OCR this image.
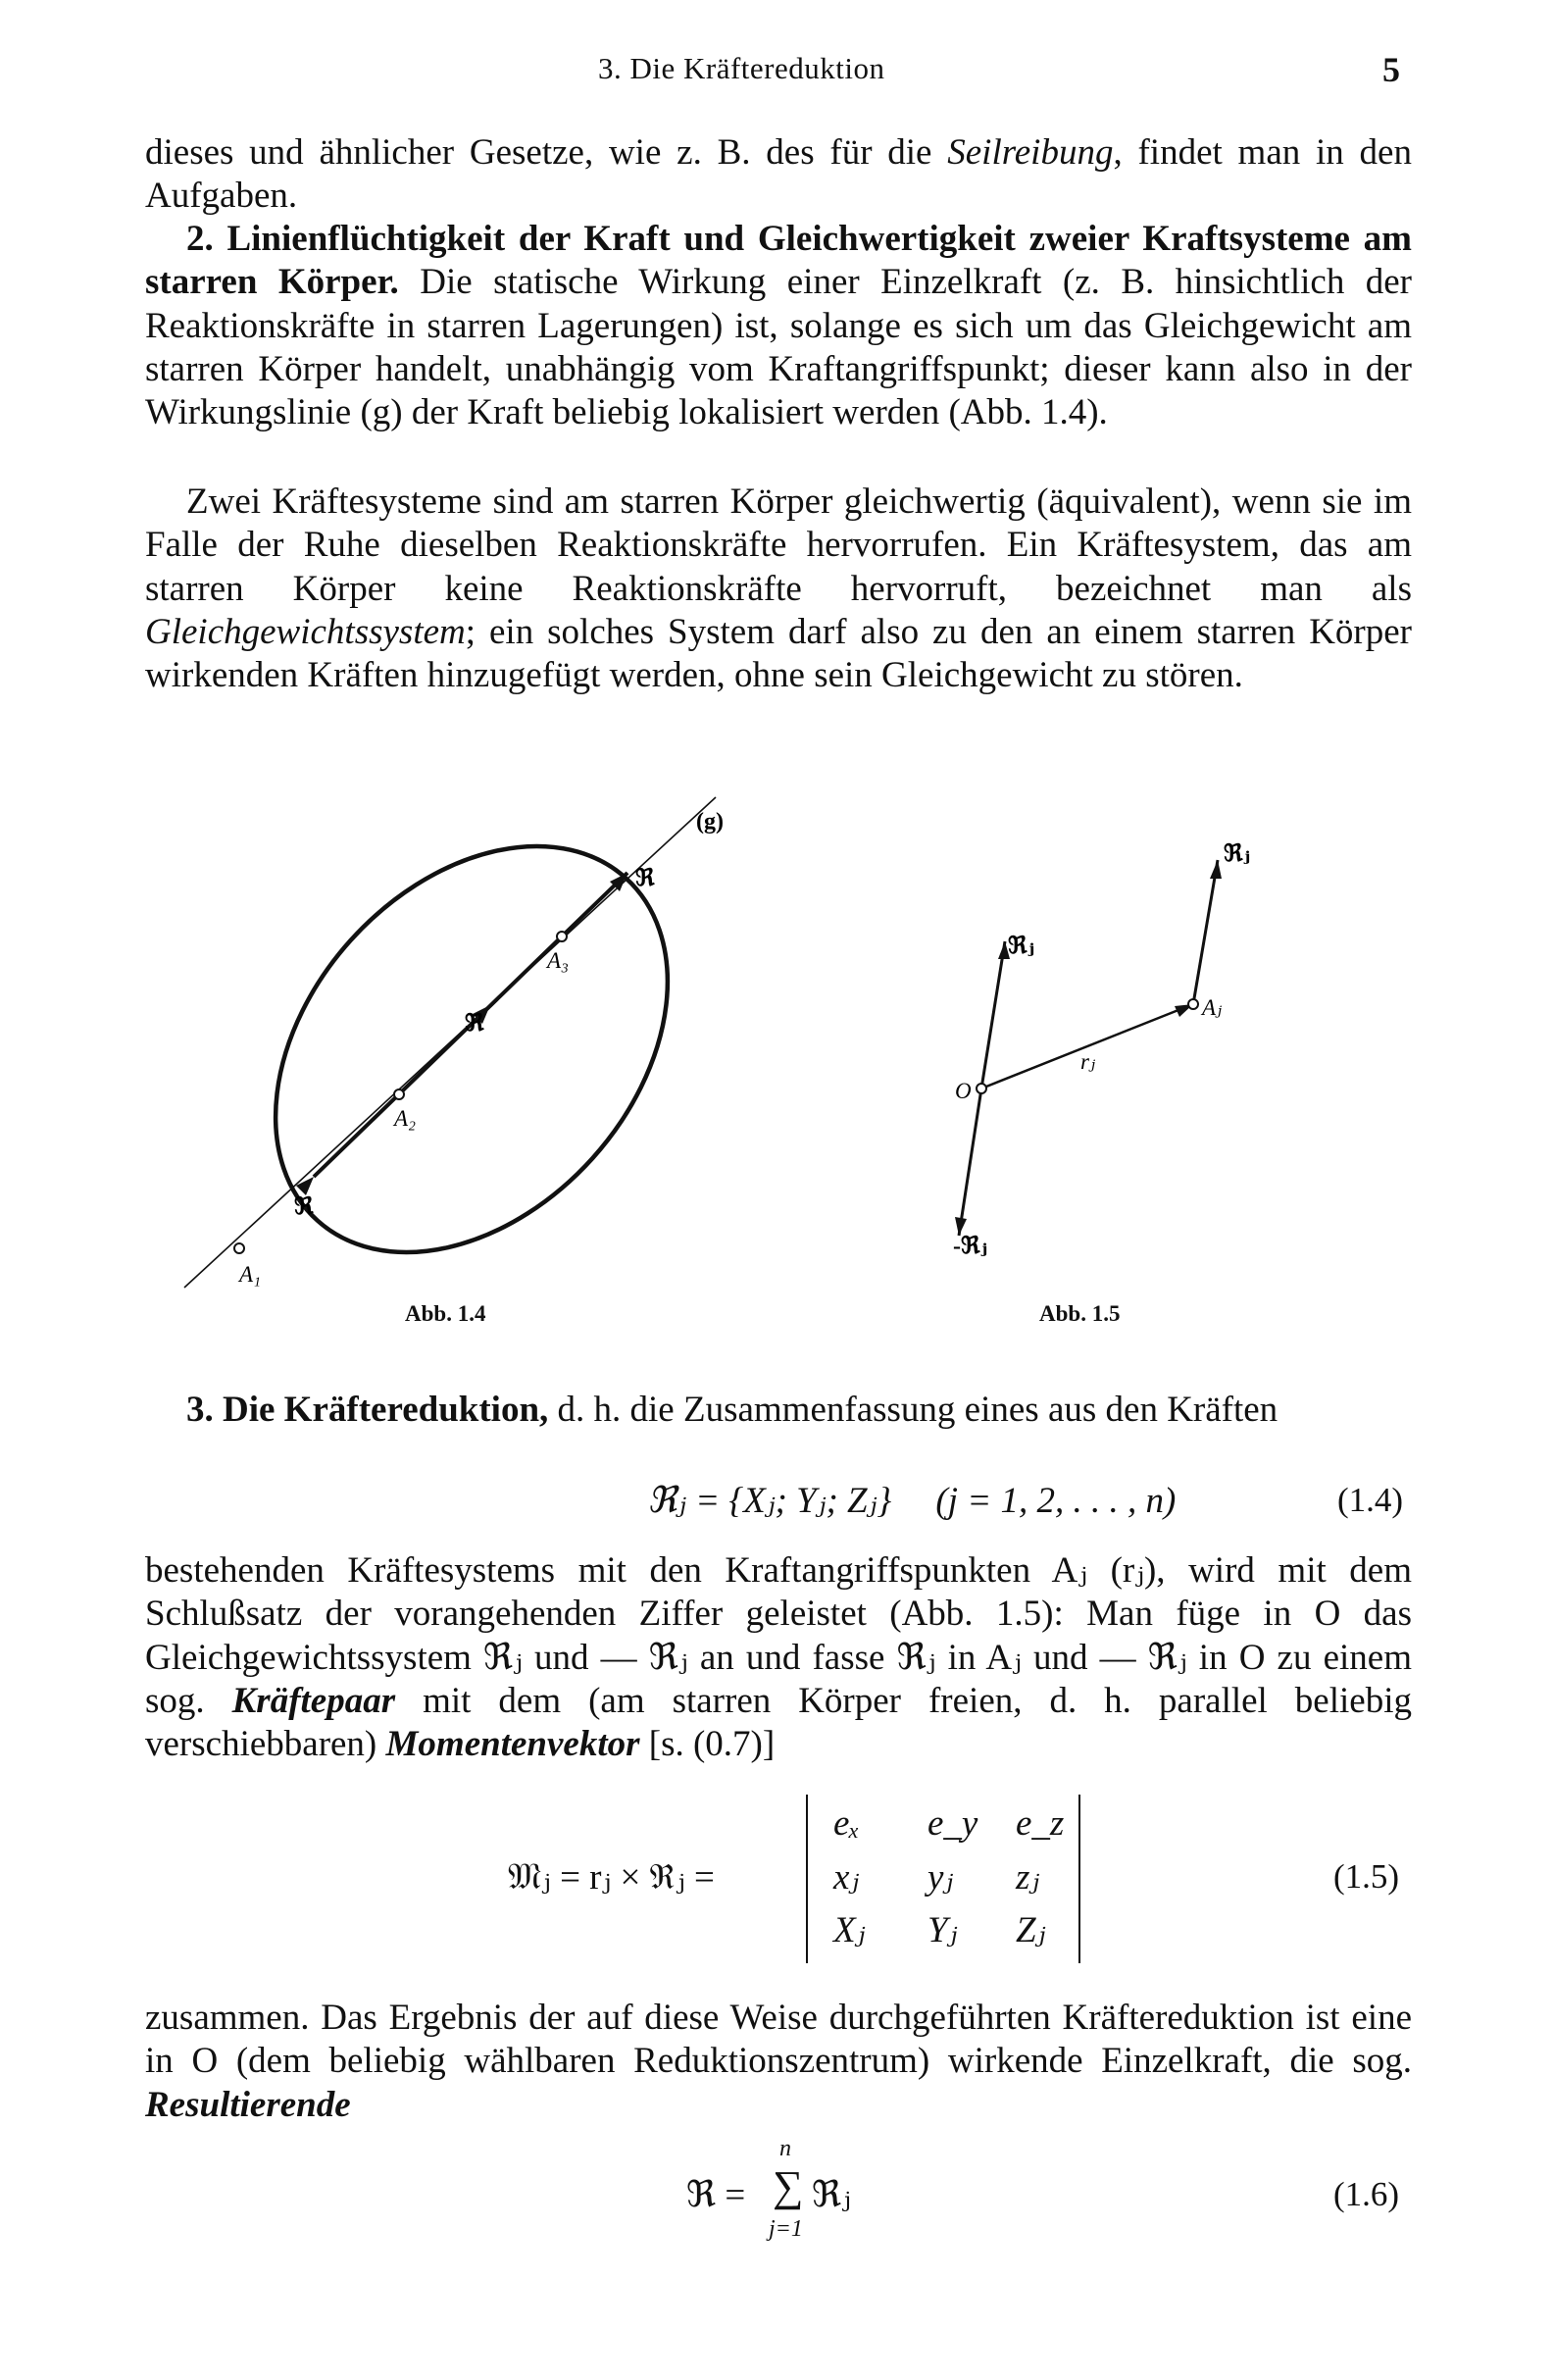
3. Die Kräftereduktion	5

dieses und ähnlicher Gesetze, wie z. B. des für die Seilreibung, findet man in den Aufgaben.

2. Linienflüchtigkeit der Kraft und Gleichwertigkeit zweier Kraftsysteme am starren Körper. Die statische Wirkung einer Einzelkraft (z. B. hinsichtlich der Reaktionskräfte in starren Lagerungen) ist, solange es sich um das Gleichgewicht am starren Körper handelt, unabhängig vom Kraftangriffspunkt; dieser kann also in der Wirkungslinie (g) der Kraft beliebig lokalisiert werden (Abb. 1.4).

Zwei Kräftesysteme sind am starren Körper gleichwertig (äquivalent), wenn sie im Falle der Ruhe dieselben Reaktionskräfte hervorrufen. Ein Kräftesystem, das am starren Körper keine Reaktionskräfte hervorruft, bezeichnet man als Gleichgewichtssystem; ein solches System darf also zu den an einem starren Körper wirkenden Kräften hinzugefügt werden, ohne sein Gleichgewicht zu stören.

(g)
ℜ
A₃
ℜ
A₂
ℜ
A₁
Abb. 1.4
ℜⱼ
ℜⱼ
Aⱼ
rⱼ
O
-ℜⱼ
Abb. 1.5

3. Die Kräftereduktion, d. h. die Zusammenfassung eines aus den Kräften

ℜⱼ = {Xⱼ; Yⱼ; Zⱼ} (j = 1, 2, . . . , n)	(1.4)

bestehenden Kräftesystems mit den Kraftangriffspunkten Aⱼ (rⱼ), wird mit dem Schlußsatz der vorangehenden Ziffer geleistet (Abb. 1.5): Man füge in O das Gleichgewichtssystem ℜⱼ und — ℜⱼ an und fasse ℜⱼ in Aⱼ und — ℜⱼ in O zu einem sog. Kräftepaar mit dem (am starren Körper freien, d. h. parallel beliebig verschiebbaren) Momentenvektor [s. (0.7)]

𝔐ⱼ = rⱼ × ℜⱼ =
eₓ e_y e_z
xⱼ yⱼ zⱼ
Xⱼ Yⱼ Zⱼ
(1.5)

zusammen. Das Ergebnis der auf diese Weise durchgeführten Kräftereduktion ist eine in O (dem beliebig wählbaren Reduktionszentrum) wirkende Einzelkraft, die sog. Resultierende

ℜ =
n
∑
j=1
ℜⱼ	(1.6)
